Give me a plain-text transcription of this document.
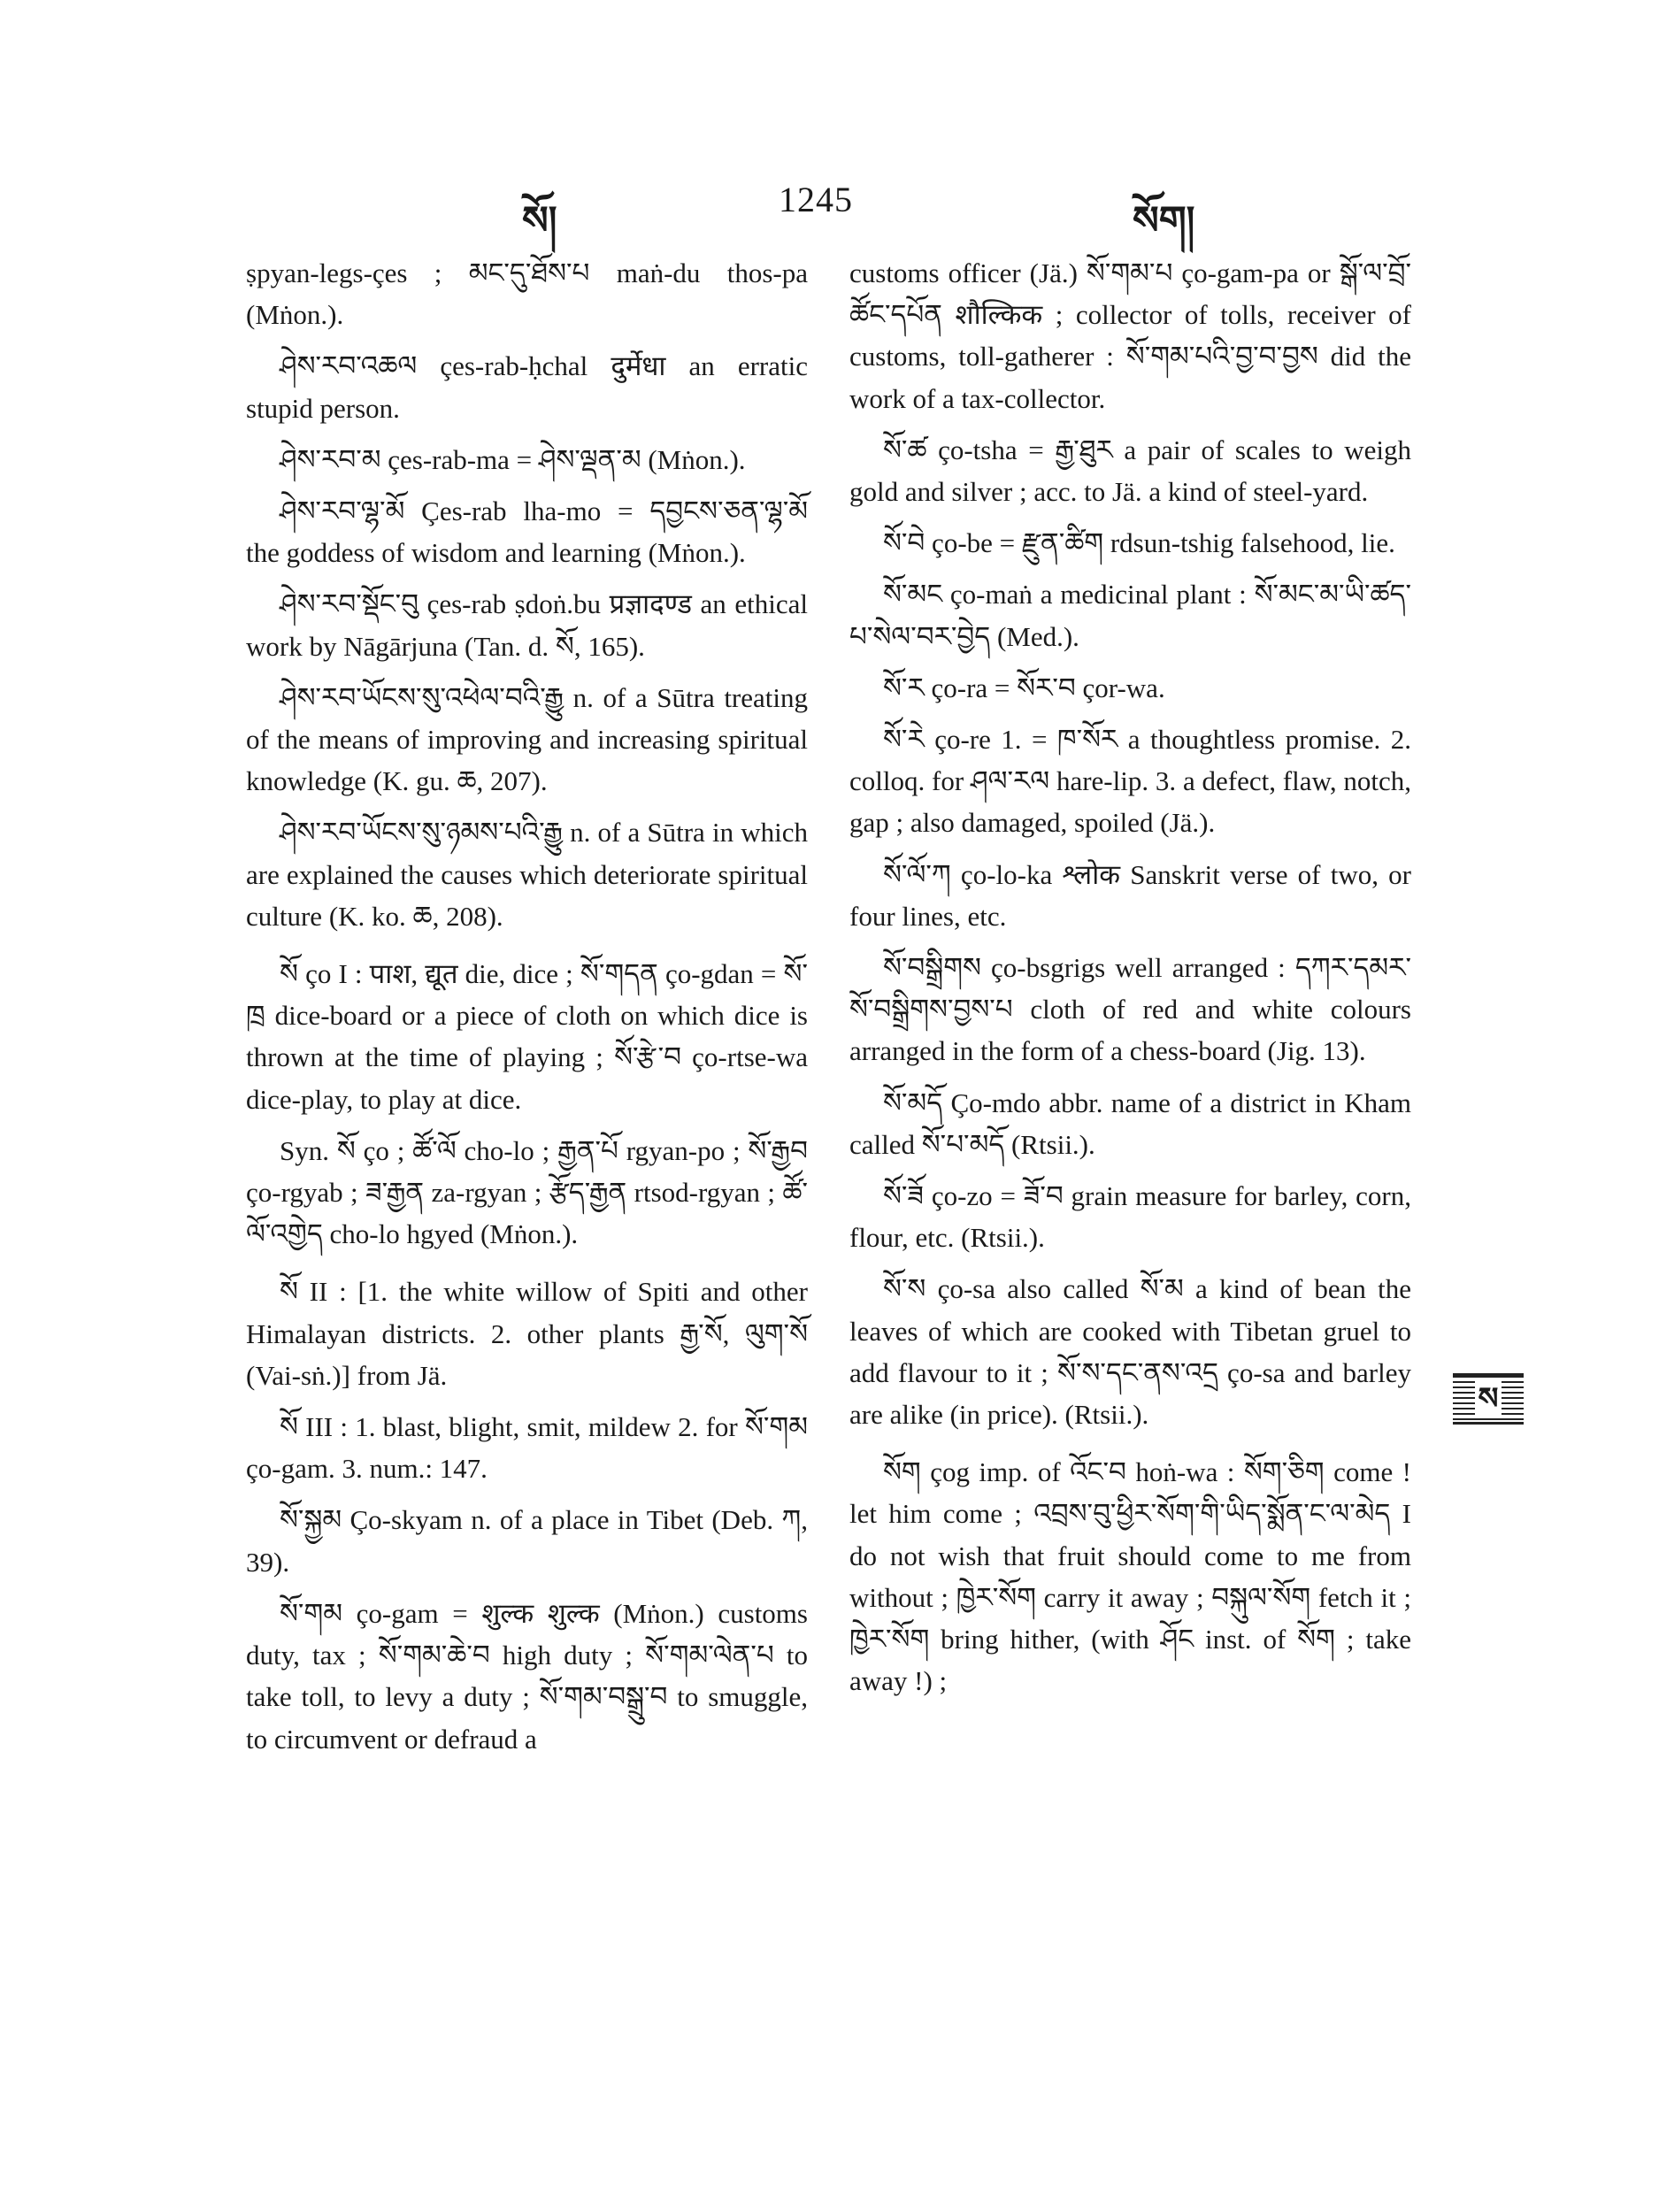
སོ།	1245	སོག།

ṣpyan-legs-çes ; མང་དུ་ཐོས་པ maṅ-du thos-pa (Mṅon.).

ཤེས་རབ་འཆལ çes-rab-ḥchal दुर्मेधा an erratic stupid person.

ཤེས་རབ་མ çes-rab-ma = ཤེས་ལྡན་མ (Mṅon.).

ཤེས་རབ་ལྷ་མོ Çes-rab lha-mo = དབྱངས་ཅན་ལྷ་མོ the goddess of wisdom and learning (Mṅon.).

ཤེས་རབ་སྡོང་བུ çes-rab ṣdoṅ.bu प्रज्ञादण्ड an ethical work by Nāgārjuna (Tan. d. སོ, 165).

ཤེས་རབ་ཡོངས་སུ་འཕེལ་བའི་རྒྱུ n. of a Sūtra treating of the means of improving and increasing spiritual knowledge (K. gu. ཆ, 207).

ཤེས་རབ་ཡོངས་སུ་ཉམས་པའི་རྒྱུ n. of a Sūtra in which are explained the causes which deteriorate spiritual culture (K. ko. ཆ, 208).

སོ ço I : पाश, द्यूत die, dice ; སོ་གདན ço-gdan = སོ་ཁྲ dice-board or a piece of cloth on which dice is thrown at the time of playing ; སོ་རྩེ་བ ço-rtse-wa dice-play, to play at dice.

Syn. སོ ço ; ཚོ་ལོ cho-lo ; རྒྱན་པོ rgyan-po ; སོ་རྒྱབ ço-rgyab ; ཟ་རྒྱན za-rgyan ; རྩོད་རྒྱན rtsod-rgyan ; ཚོ་ལོ་འགྱེད cho-lo hgyed (Mṅon.).

སོ II : [1. the white willow of Spiti and other Himalayan districts. 2. other plants རྒྱ་སོ, ལུག་སོ (Vai-sṅ.)] from Jä.

སོ III : 1. blast, blight, smit, mildew 2. for སོ་གམ ço-gam. 3. num.: 147.

སོ་སྐྱམ Ço-skyam n. of a place in Tibet (Deb. ཀ, 39).

སོ་གམ ço-gam = शुल्क शुल्क (Mṅon.) customs duty, tax ; སོ་གམ་ཆེ་བ high duty ; སོ་གམ་ལེན་པ to take toll, to levy a duty ; སོ་གམ་བསྒྲུ་བ to smuggle, to circumvent or defraud a

customs officer (Jä.) སོ་གམ་པ ço-gam-pa or སྒོ་ལ་བྲོ་ཚོང་དཔོན शौल्किक ; collector of tolls, receiver of customs, toll-gatherer : སོ་གམ་པའི་བྱ་བ་བྱས did the work of a tax-collector.

སོ་ཚ ço-tsha = རྒྱ་ཐུར a pair of scales to weigh gold and silver ; acc. to Jä. a kind of steel-yard.

སོ་བེ ço-be = རྫུན་ཚིག rdsun-tshig falsehood, lie.

སོ་མང ço-maṅ a medicinal plant : སོ་མང་མ་ཡི་ཚད་པ་སེལ་བར་བྱེད (Med.).

སོ་ར ço-ra = སོར་བ çor-wa.

སོ་རེ ço-re 1. = ཁ་སོར a thoughtless promise. 2. colloq. for ཤལ་རལ hare-lip. 3. a defect, flaw, notch, gap ; also damaged, spoiled (Jä.).

སོ་ལོ་ཀ ço-lo-ka श्लोक Sanskrit verse of two, or four lines, etc.

སོ་བསྒྲིགས ço-bsgrigs well arranged : དཀར་དམར་སོ་བསྒྲིགས་བྱས་པ cloth of red and white colours arranged in the form of a chess-board (Jig. 13).

སོ་མདོ Ço-mdo abbr. name of a district in Kham called སོ་པ་མདོ (Rtsii.).

སོ་ཟོ ço-zo = ཟོ་བ grain measure for barley, corn, flour, etc. (Rtsii.).

སོ་ས ço-sa also called སོ་མ a kind of bean the leaves of which are cooked with Tibetan gruel to add flavour to it ; སོ་ས་དང་ནས་འདྲ ço-sa and barley are alike (in price). (Rtsii.).

སོག çog imp. of འོང་བ hoṅ-wa : སོག་ཅིག come ! let him come ; འབྲས་བུ་ཕྱིར་སོག་གི་ཡིད་སྨོན་ང་ལ་མེད I do not wish that fruit should come to me from without ; ཁྱེར་སོག carry it away ; བསྐུལ་སོག fetch it ; ཁྱེར་སོག bring hither, (with ཤོང inst. of སོག ; take away !) ;

ས
